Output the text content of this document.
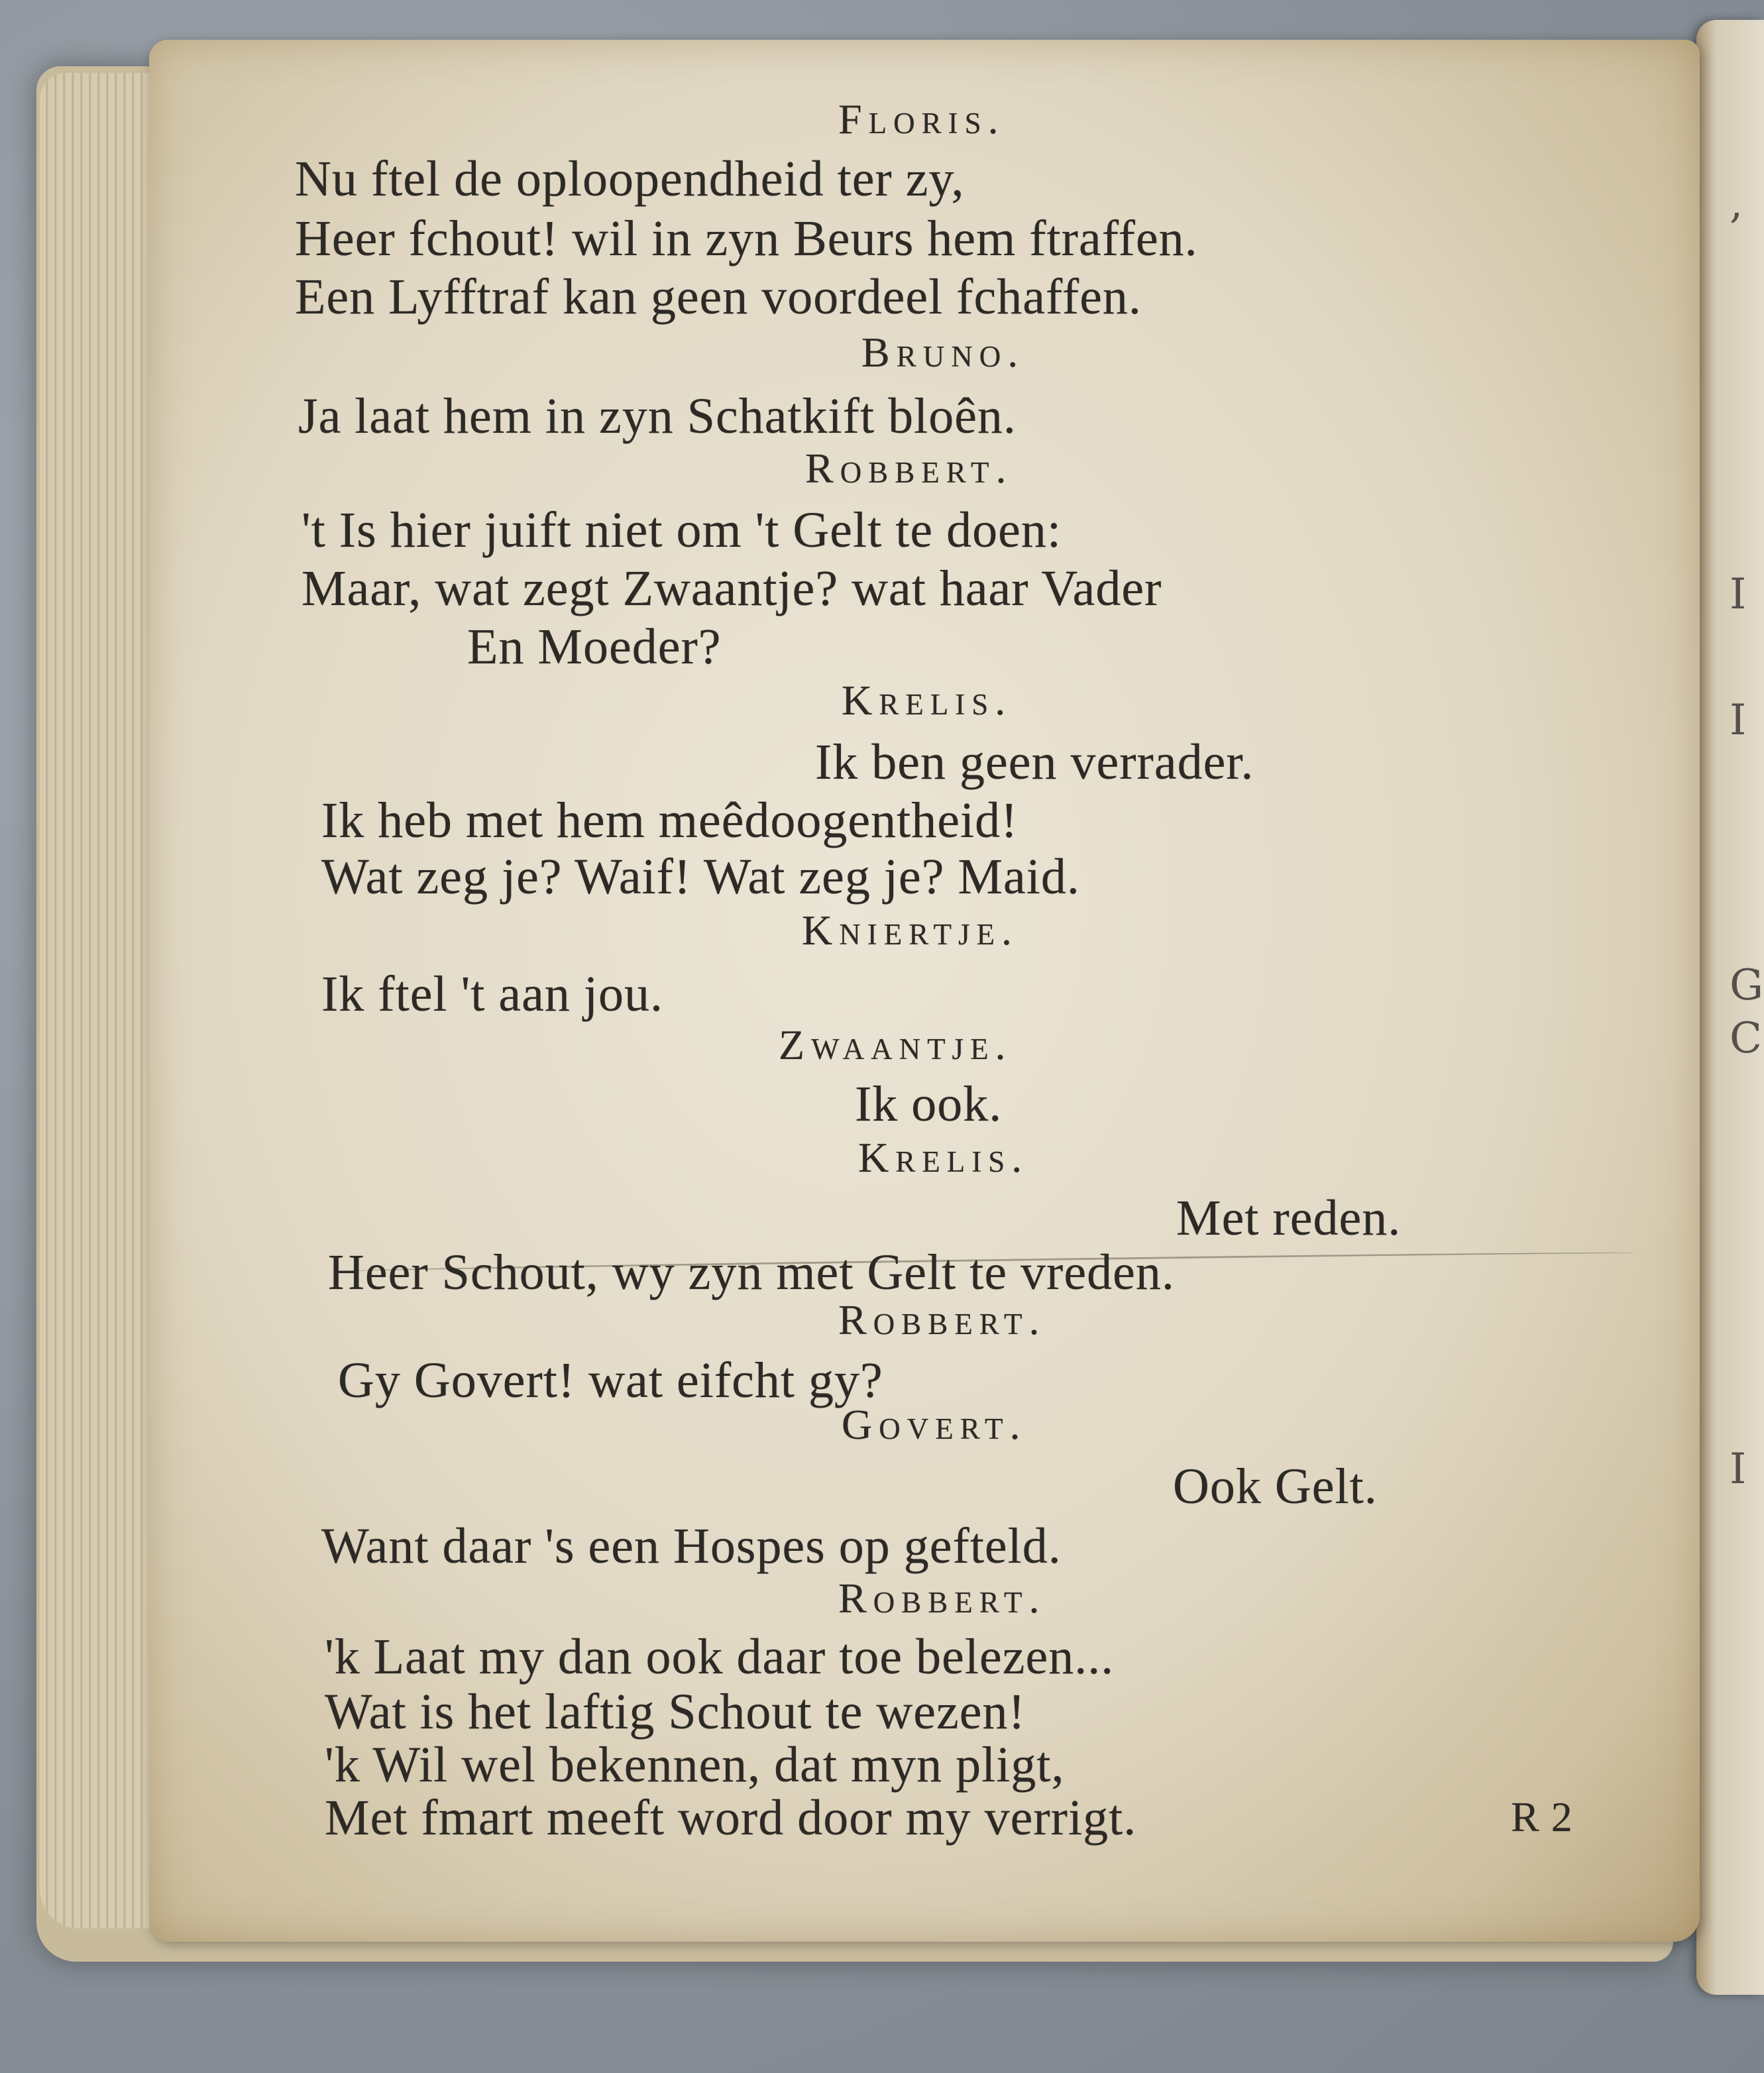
,
I
I
G
C
I
Floris.
Nu ftel de oploopendheid ter zy,
Heer fchout! wil in zyn Beurs hem ftraffen.
Een Lyfftraf kan geen voordeel fchaffen.
Bruno.
Ja laat hem in zyn Schatkift bloên.
Robbert.
't Is hier juift niet om 't Gelt te doen:
Maar, wat zegt Zwaantje? wat haar Vader
En Moeder?
Krelis.
Ik ben geen verrader.
Ik heb met hem meêdoogentheid!
Wat zeg je? Waif! Wat zeg je? Maid.
Kniertje.
Ik ftel 't aan jou.
Zwaantje.
Ik ook.
Krelis.
Met reden.
Heer Schout, wy zyn met Gelt te vreden.
Robbert.
Gy Govert! wat eifcht gy?
Govert.
Ook Gelt.
Want daar 's een Hospes op gefteld.
Robbert.
'k Laat my dan ook daar toe belezen...
Wat is het laftig Schout te wezen!
'k Wil wel bekennen, dat myn pligt,
Met fmart meeft word door my verrigt.	R 2
